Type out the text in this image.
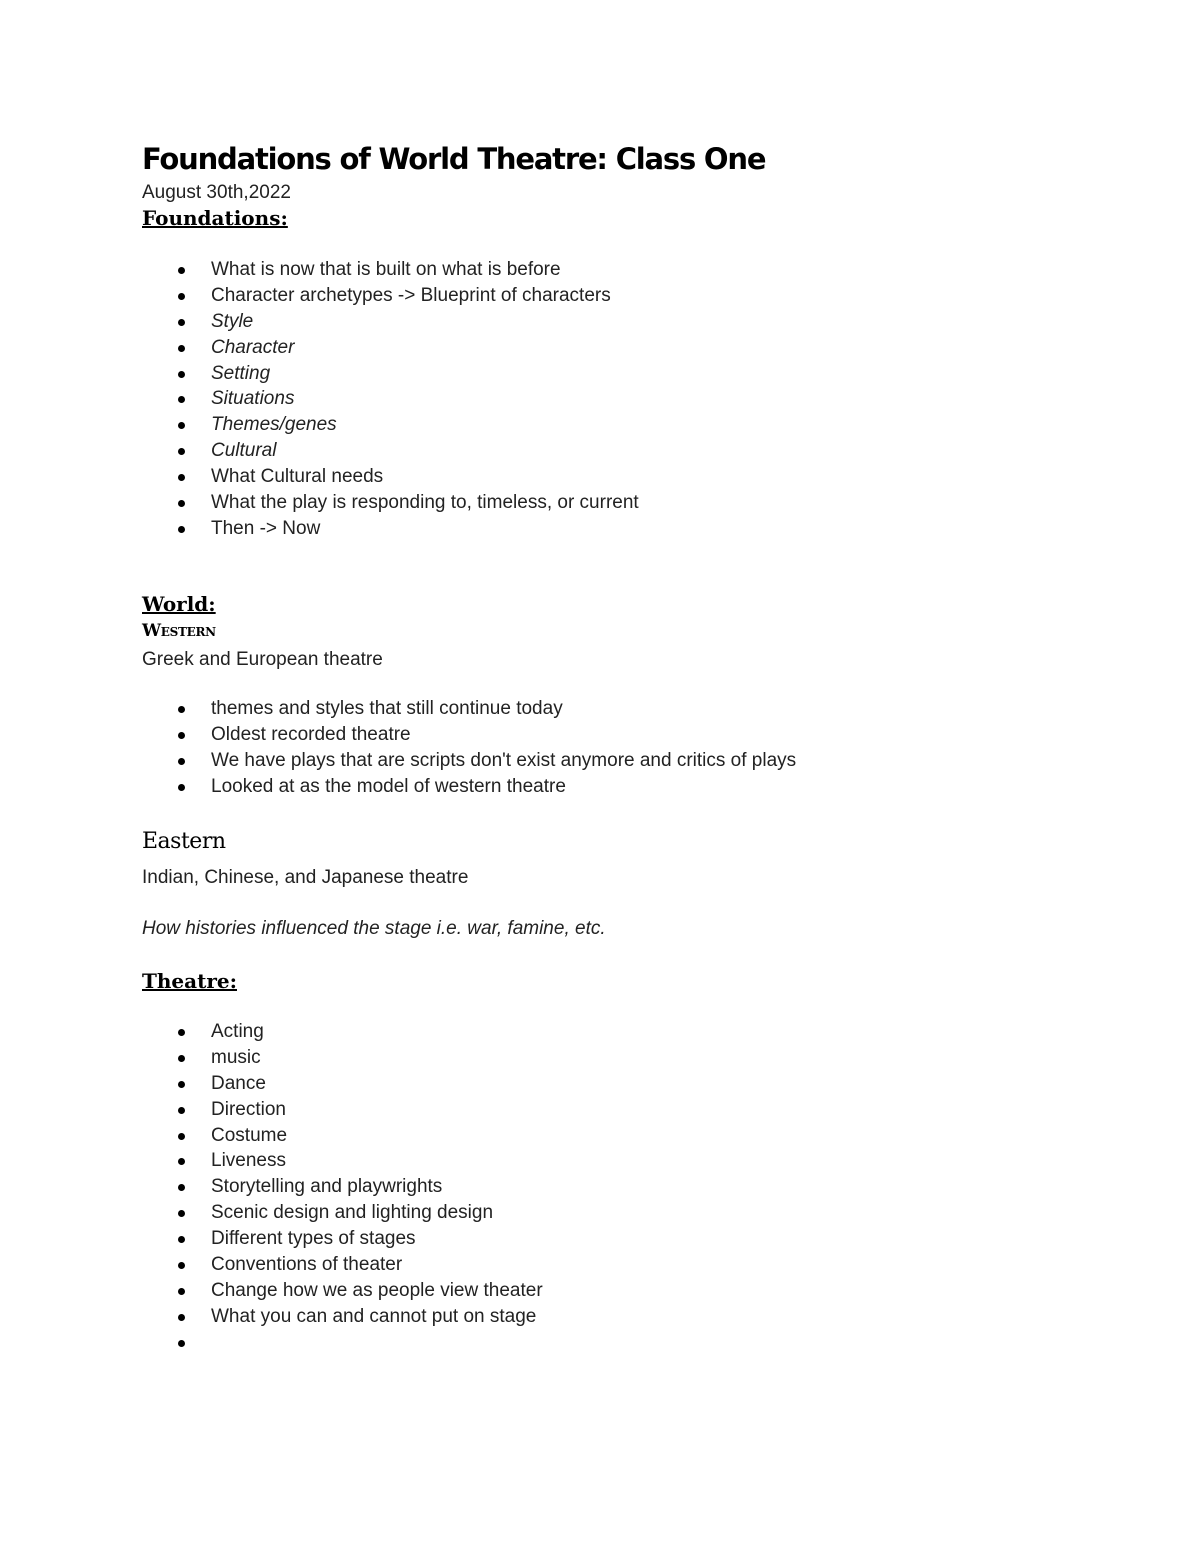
Foundations of World Theatre: Class One
August 30th,2022
Foundations:
What is now that is built on what is before
Character archetypes -> Blueprint of characters
Style
Character
Setting
Situations
Themes/genes
Cultural
What Cultural needs
What the play is responding to, timeless, or current
Then -> Now
World:
Western

Greek and European theatre

themes and styles that still continue today
Oldest recorded theatre
We have plays that are scripts don't exist anymore and critics of plays
Looked at as the model of western theatre
Eastern

Indian, Chinese, and Japanese theatre

How histories influenced the stage i.e. war, famine, etc.

Theatre:
Acting
music
Dance
Direction
Costume
Liveness
Storytelling and playwrights
Scenic design and lighting design
Different types of stages
Conventions of theater
Change how we as people view theater
What you can and cannot put on stage
